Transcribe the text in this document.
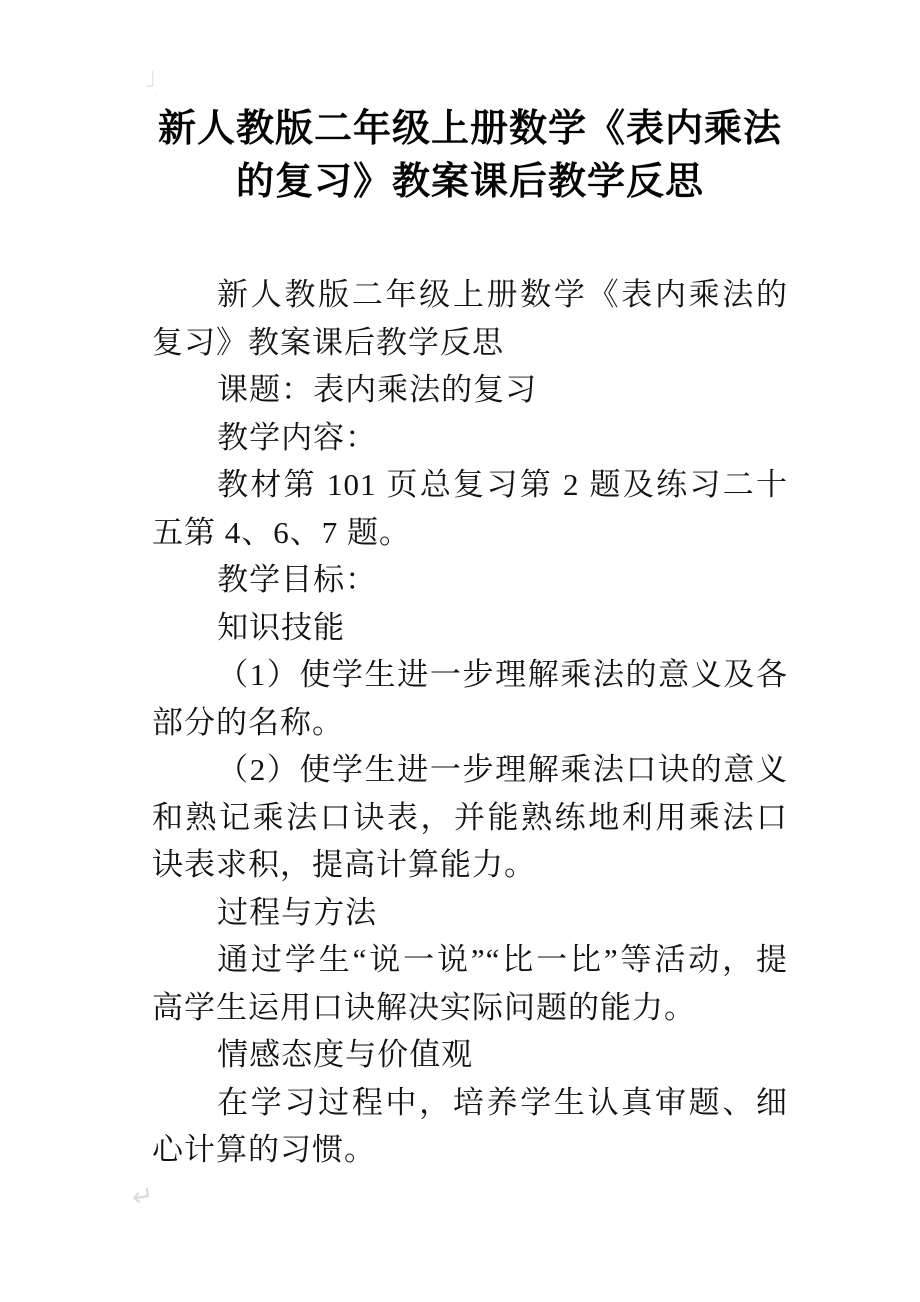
」
· ·
新人教版二年级上册数学《表内乘法
的复习》教案课后教学反思

新人教版二年级上册数学《表内乘法的复习》教案课后教学反思

课题：表内乘法的复习

教学内容：

教材第 101 页总复习第 2 题及练习二十五第 4、6、7 题。

教学目标：

知识技能

（1）使学生进一步理解乘法的意义及各部分的名称。

（2）使学生进一步理解乘法口诀的意义和熟记乘法口诀表，并能熟练地利用乘法口诀表求积，提高计算能力。

过程与方法

通过学生“说一说”“比一比”等活动，提高学生运用口诀解决实际问题的能力。

情感态度与价值观

在学习过程中，培养学生认真审题、细心计算的习惯。

↵
